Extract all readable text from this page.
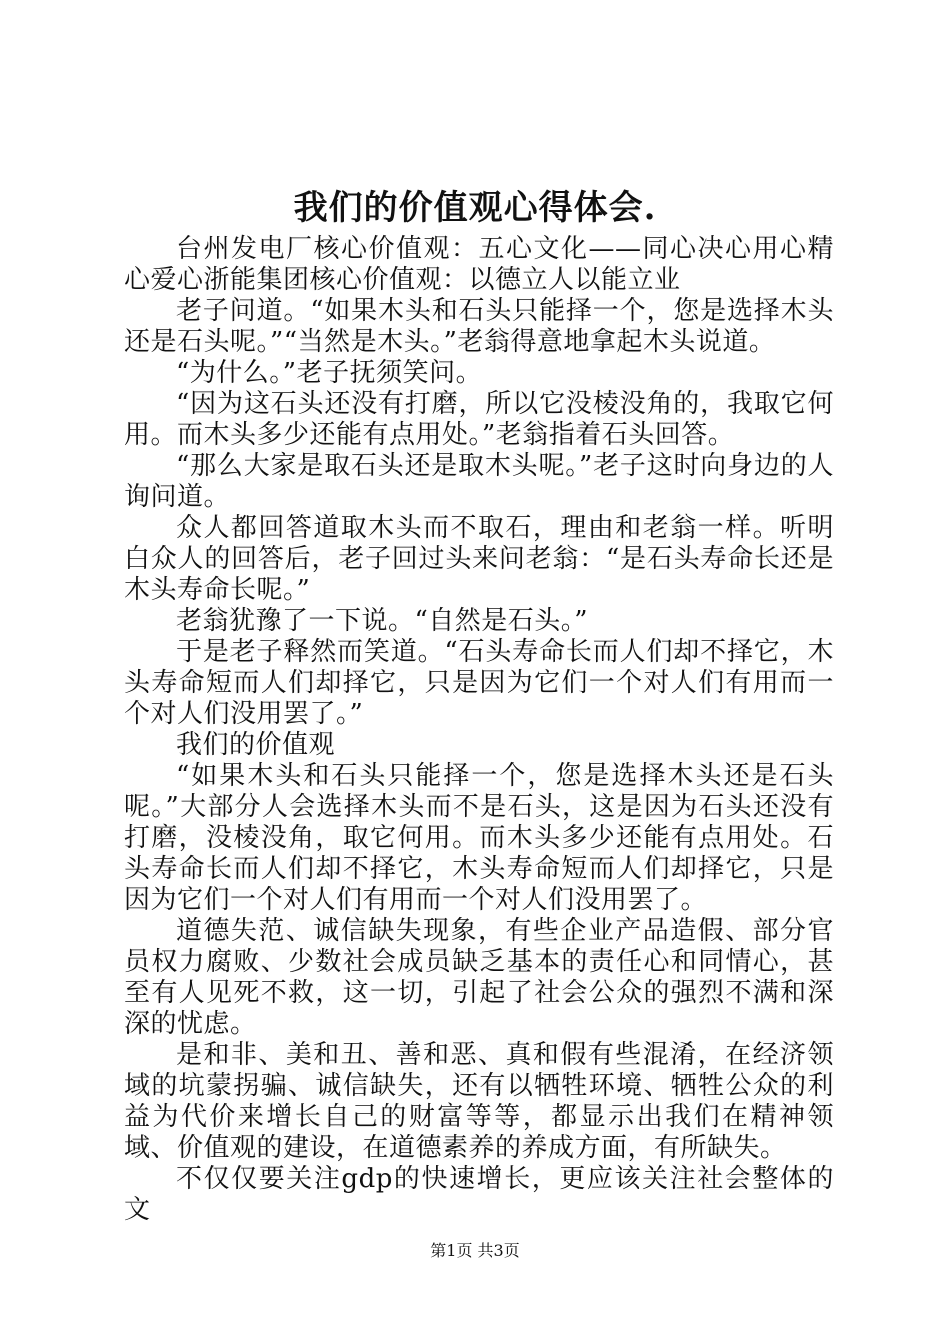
我们的价值观心得体会.

台州发电厂核心价值观：五心文化——同心决心用心精心爱心浙能集团核心价值观：以德立人以能立业

老子问道。“如果木头和石头只能择一个，您是选择木头还是石头呢。”“当然是木头。”老翁得意地拿起木头说道。

“为什么。”老子抚须笑问。

“因为这石头还没有打磨，所以它没棱没角的，我取它何用。而木头多少还能有点用处。”老翁指着石头回答。

“那么大家是取石头还是取木头呢。”老子这时向身边的人询问道。

众人都回答道取木头而不取石，理由和老翁一样。听明白众人的回答后，老子回过头来问老翁：“是石头寿命长还是木头寿命长呢。”

老翁犹豫了一下说。“自然是石头。”

于是老子释然而笑道。“石头寿命长而人们却不择它，木头寿命短而人们却择它，只是因为它们一个对人们有用而一个对人们没用罢了。”

我们的价值观

“如果木头和石头只能择一个，您是选择木头还是石头呢。”大部分人会选择木头而不是石头，这是因为石头还没有打磨，没棱没角，取它何用。而木头多少还能有点用处。石头寿命长而人们却不择它，木头寿命短而人们却择它，只是因为它们一个对人们有用而一个对人们没用罢了。

道德失范、诚信缺失现象，有些企业产品造假、部分官员权力腐败、少数社会成员缺乏基本的责任心和同情心，甚至有人见死不救，这一切，引起了社会公众的强烈不满和深深的忧虑。

是和非、美和丑、善和恶、真和假有些混淆，在经济领域的坑蒙拐骗、诚信缺失，还有以牺牲环境、牺牲公众的利益为代价来增长自己的财富等等，都显示出我们在精神领域、价值观的建设，在道德素养的养成方面，有所缺失。

不仅仅要关注gdp的快速增长，更应该关注社会整体的文

第1页 共3页
